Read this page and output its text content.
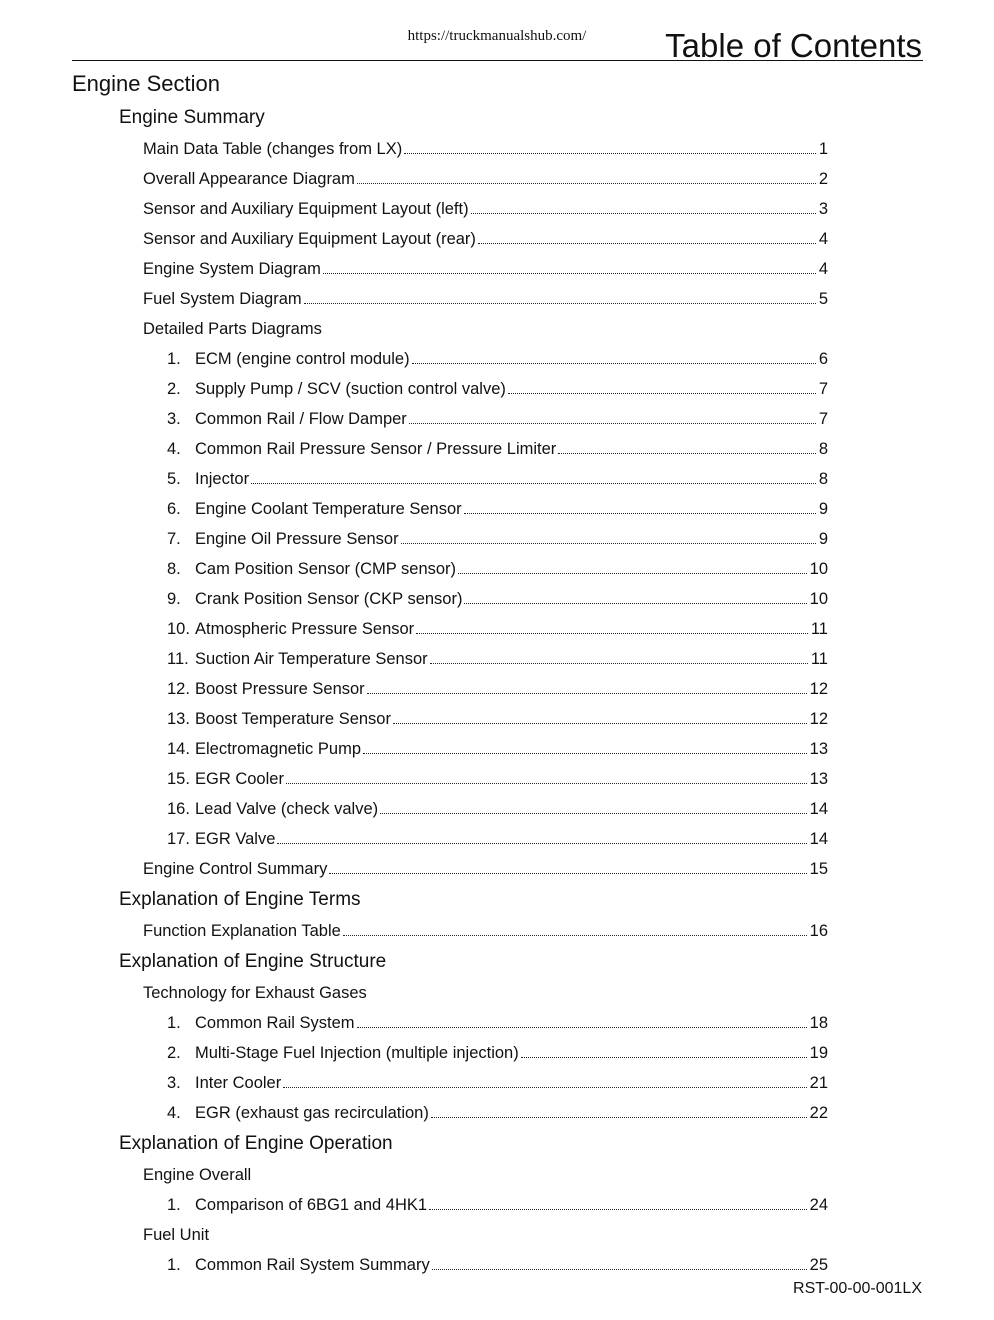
https://truckmanualshub.com/	Table of Contents
Engine Section
Engine Summary
Main Data Table (changes from LX)	1
Overall Appearance Diagram	2
Sensor and Auxiliary Equipment Layout (left)	3
Sensor and Auxiliary Equipment Layout (rear)	4
Engine System Diagram	4
Fuel System Diagram	5
Detailed Parts Diagrams
1. ECM (engine control module)	6
2. Supply Pump / SCV (suction control valve)	7
3. Common Rail / Flow Damper	7
4. Common Rail Pressure Sensor / Pressure Limiter	8
5. Injector	8
6. Engine Coolant Temperature Sensor	9
7. Engine Oil Pressure Sensor	9
8. Cam Position Sensor (CMP sensor)	10
9. Crank Position Sensor (CKP sensor)	10
10. Atmospheric Pressure Sensor	11
11. Suction Air Temperature Sensor	11
12. Boost Pressure Sensor	12
13. Boost Temperature Sensor	12
14. Electromagnetic Pump	13
15. EGR Cooler	13
16. Lead Valve (check valve)	14
17. EGR Valve	14
Engine Control Summary	15
Explanation of Engine Terms
Function Explanation Table	16
Explanation of Engine Structure
Technology for Exhaust Gases
1. Common Rail System	18
2. Multi-Stage Fuel Injection (multiple injection)	19
3. Inter Cooler	21
4. EGR (exhaust gas recirculation)	22
Explanation of Engine Operation
Engine Overall
1. Comparison of 6BG1 and 4HK1	24
Fuel Unit
1. Common Rail System Summary	25
RST-00-00-001LX
